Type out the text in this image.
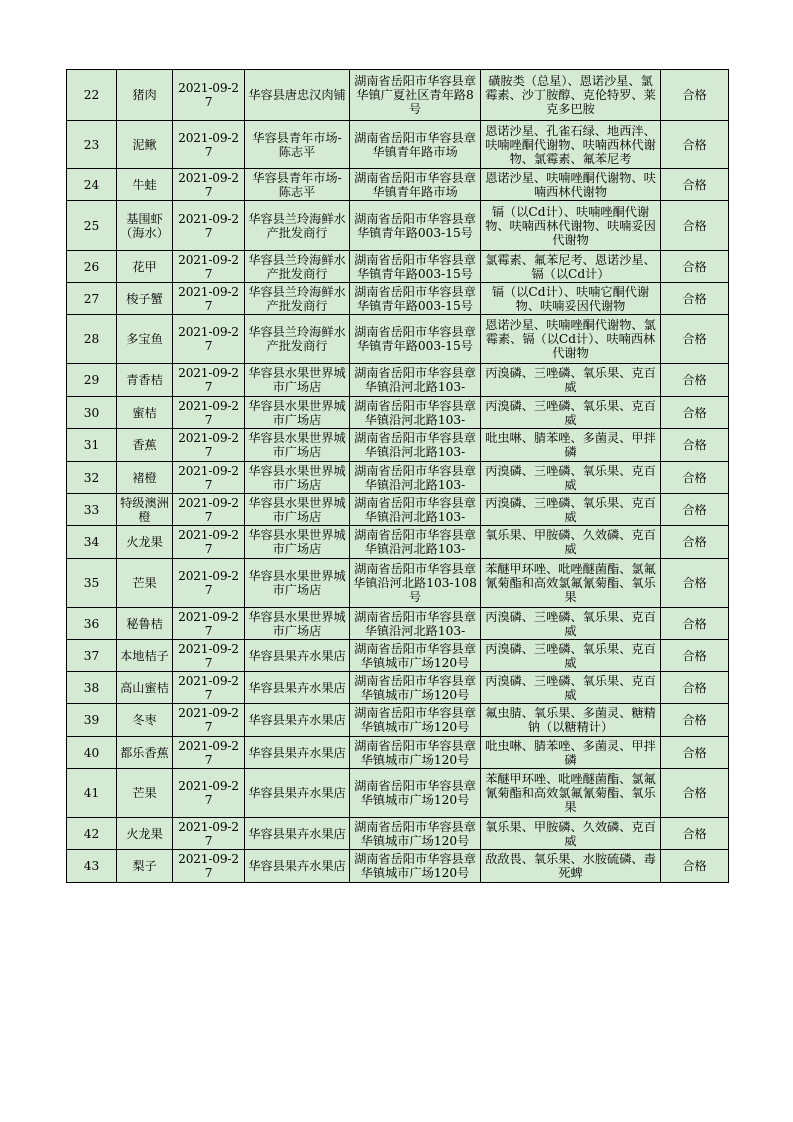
22	猪肉	2021-09-27	华容县唐忠汉肉铺	湖南省岳阳市华容县章华镇广夏社区青年路8号	磺胺类（总星）、恩诺沙星、氯霉素、沙丁胺醇、克伦特罗、莱克多巴胺	合格

23	泥鳅	2021-09-27	华容县青年市场-陈志平	湖南省岳阳市华容县章华镇青年路市场	恩诺沙星、孔雀石绿、地西泮、呋喃唑酮代谢物、呋喃西林代谢物、氯霉素、氟苯尼考	合格

24	牛蛙	2021-09-27	华容县青年市场-陈志平	湖南省岳阳市华容县章华镇青年路市场	恩诺沙星、呋喃唑酮代谢物、呋喃西林代谢物	合格

25	基围虾（海水）	2021-09-27	华容县兰玲海鲜水产批发商行	湖南省岳阳市华容县章华镇青年路003-15号	镉（以Cd计）、呋喃唑酮代谢物、呋喃西林代谢物、呋喃妥因代谢物	合格

26	花甲	2021-09-27	华容县兰玲海鲜水产批发商行	湖南省岳阳市华容县章华镇青年路003-15号	氯霉素、氟苯尼考、恩诺沙星、镉（以Cd计）	合格

27	梭子蟹	2021-09-27	华容县兰玲海鲜水产批发商行	湖南省岳阳市华容县章华镇青年路003-15号	镉（以Cd计）、呋喃它酮代谢物、呋喃妥因代谢物	合格

28	多宝鱼	2021-09-27	华容县兰玲海鲜水产批发商行	湖南省岳阳市华容县章华镇青年路003-15号	恩诺沙星、呋喃唑酮代谢物、氯霉素、镉（以Cd计）、呋喃西林代谢物	合格

29	青香桔	2021-09-27	华容县水果世界城市广场店	湖南省岳阳市华容县章华镇沿河北路103-	丙溴磷、三唑磷、氧乐果、克百威	合格

30	蜜桔	2021-09-27	华容县水果世界城市广场店	湖南省岳阳市华容县章华镇沿河北路103-	丙溴磷、三唑磷、氧乐果、克百威	合格

31	香蕉	2021-09-27	华容县水果世界城市广场店	湖南省岳阳市华容县章华镇沿河北路103-	吡虫啉、腈苯唑、多菌灵、甲拌磷	合格

32	褚橙	2021-09-27	华容县水果世界城市广场店	湖南省岳阳市华容县章华镇沿河北路103-	丙溴磷、三唑磷、氧乐果、克百威	合格

33	特级澳洲橙	2021-09-27	华容县水果世界城市广场店	湖南省岳阳市华容县章华镇沿河北路103-	丙溴磷、三唑磷、氧乐果、克百威	合格

34	火龙果	2021-09-27	华容县水果世界城市广场店	湖南省岳阳市华容县章华镇沿河北路103-	氧乐果、甲胺磷、久效磷、克百威	合格

35	芒果	2021-09-27	华容县水果世界城市广场店	湖南省岳阳市华容县章华镇沿河北路103-108号	苯醚甲环唑、吡唑醚菌酯、氯氟氰菊酯和高效氯氟氰菊酯、氧乐果	合格

36	秘鲁桔	2021-09-27	华容县水果世界城市广场店	湖南省岳阳市华容县章华镇沿河北路103-	丙溴磷、三唑磷、氧乐果、克百威	合格

37	本地桔子	2021-09-27	华容县果卉水果店	湖南省岳阳市华容县章华镇城市广场120号	丙溴磷、三唑磷、氧乐果、克百威	合格

38	高山蜜桔	2021-09-27	华容县果卉水果店	湖南省岳阳市华容县章华镇城市广场120号	丙溴磷、三唑磷、氧乐果、克百威	合格

39	冬枣	2021-09-27	华容县果卉水果店	湖南省岳阳市华容县章华镇城市广场120号	氟虫腈、氧乐果、多菌灵、糖精钠（以糖精计）	合格

40	都乐香蕉	2021-09-27	华容县果卉水果店	湖南省岳阳市华容县章华镇城市广场120号	吡虫啉、腈苯唑、多菌灵、甲拌磷	合格

41	芒果	2021-09-27	华容县果卉水果店	湖南省岳阳市华容县章华镇城市广场120号	苯醚甲环唑、吡唑醚菌酯、氯氟氰菊酯和高效氯氟氰菊酯、氧乐果	合格

42	火龙果	2021-09-27	华容县果卉水果店	湖南省岳阳市华容县章华镇城市广场120号	氧乐果、甲胺磷、久效磷、克百威	合格

43	梨子	2021-09-27	华容县果卉水果店	湖南省岳阳市华容县章华镇城市广场120号	敌敌畏、氧乐果、水胺硫磷、毒死蜱	合格
